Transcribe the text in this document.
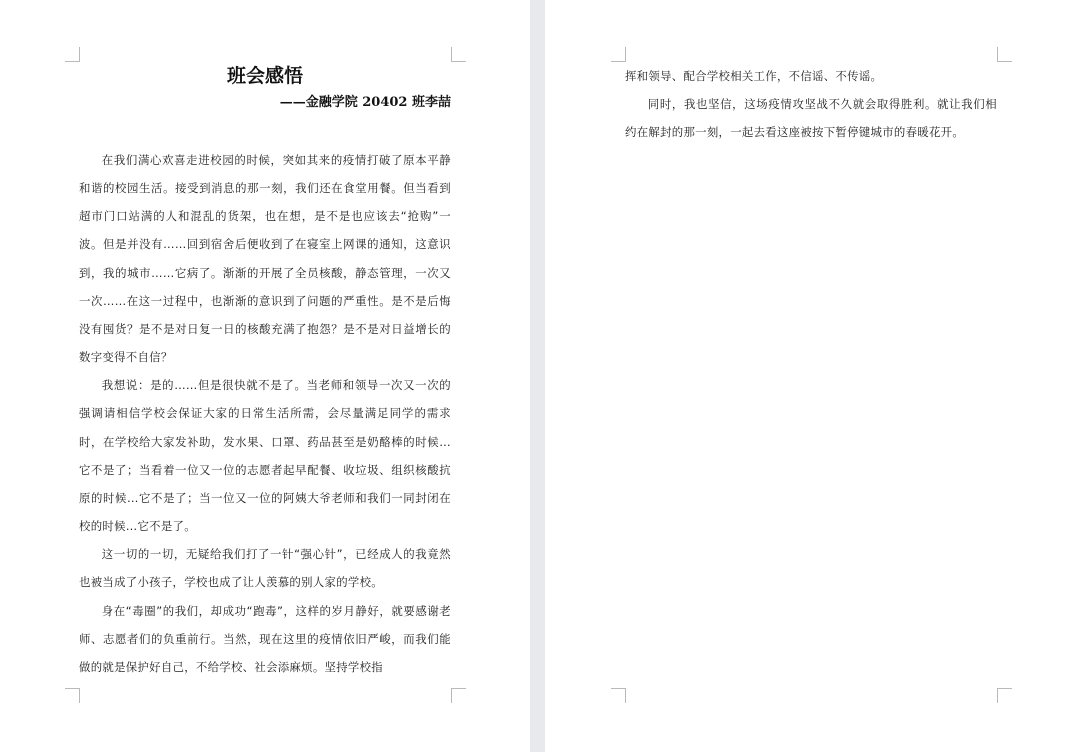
班会感悟
——金融学院 20402 班李喆

在我们满心欢喜走进校园的时候，突如其来的疫情打破了原本平静和谐的校园生活。接受到消息的那一刻，我们还在食堂用餐。但当看到超市门口站满的人和混乱的货架，也在想，是不是也应该去“抢购”一波。但是并没有……回到宿舍后便收到了在寝室上网课的通知，这意识到，我的城市……它病了。渐渐的开展了全员核酸，静态管理，一次又一次……在这一过程中，也渐渐的意识到了问题的严重性。是不是后悔没有囤货？是不是对日复一日的核酸充满了抱怨？是不是对日益增长的数字变得不自信？

我想说：是的……但是很快就不是了。当老师和领导一次又一次的强调请相信学校会保证大家的日常生活所需，会尽量满足同学的需求时，在学校给大家发补助，发水果、口罩、药品甚至是奶酪棒的时候…它不是了；当看着一位又一位的志愿者起早配餐、收垃圾、组织核酸抗原的时候…它不是了；当一位又一位的阿姨大爷老师和我们一同封闭在校的时候…它不是了。

这一切的一切，无疑给我们打了一针“强心针”，已经成人的我竟然也被当成了小孩子，学校也成了让人羡慕的别人家的学校。

身在“毒圈”的我们，却成功“跑毒”，这样的岁月静好，就要感谢老师、志愿者们的负重前行。当然，现在这里的疫情依旧严峻，而我们能做的就是保护好自己，不给学校、社会添麻烦。坚持学校指

挥和领导、配合学校相关工作，不信谣、不传谣。

同时，我也坚信，这场疫情攻坚战不久就会取得胜利。就让我们相约在解封的那一刻，一起去看这座被按下暂停键城市的春暖花开。
